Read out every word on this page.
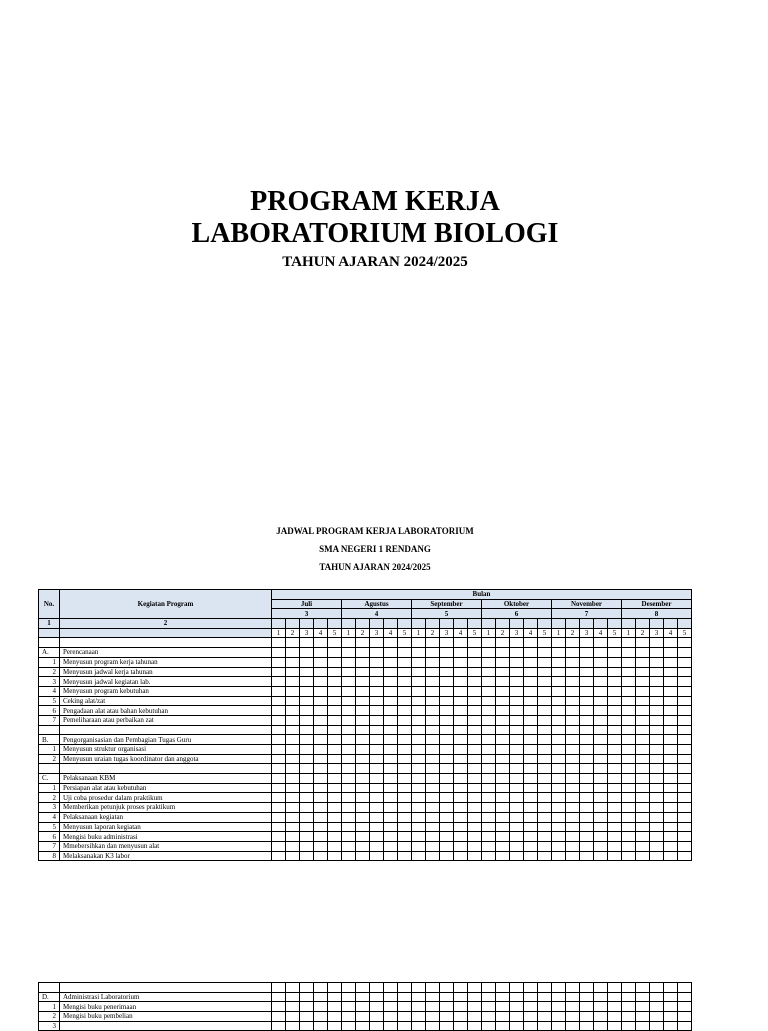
PROGRAM KERJA
LABORATORIUM BIOLOGI
TAHUN AJARAN 2024/2025
JADWAL PROGRAM KERJA LABORATORIUM
SMA NEGERI 1 RENDANG
TAHUN AJARAN 2024/2025
No.	Kegiatan Program	Bulan																													
		Juli					Agustus					September					Oktober					November					Desember				
		3					4					5					6					7					8				
1	2																														
		1	2	3	4	5	1	2	3	4	5	1	2	3	4	5	1	2	3	4	5	1	2	3	4	5	1	2	3	4	5

A.	Perencanaan																														
1	Menyusun program kerja tahunan																														
2	Menyusun jadwal kerja tahunan																														
3	Menyusun jadwal kegiatan lab.																														
4	Menyusun program kebutuhan																														
5	Ceking alat/zat																														
6	Pengadaan alat atau bahan kebutuhan																														
7	Pemeliharaan atau perbaikan zat																														

B.	Pengorganisasian dan Pembagian Tugas Guru																														
1	Menyusun struktur organisasi																														
2	Menyusun uraian tugas koordinator dan anggota																														

C.	Pelaksanaan KBM																														
1	Persiapan alat atau kebutuhan																														
2	Uji coba prosedur dalam praktikum																														
3	Memberikan petunjuk proses praktikum																														
4	Pelaksanaan kegiatan																														
5	Menyusun laporan kegiatan																														
6	Mengisi buku administrasi																														
7	Mmebersihkan dan menyusun alat																														
8	Melaksanakan K3 labor																														

D.	Administrasi Laboratorium																														
1	Mengisi buku penerimaan																														
2	Mengisi buku pembelian																														
3																															
